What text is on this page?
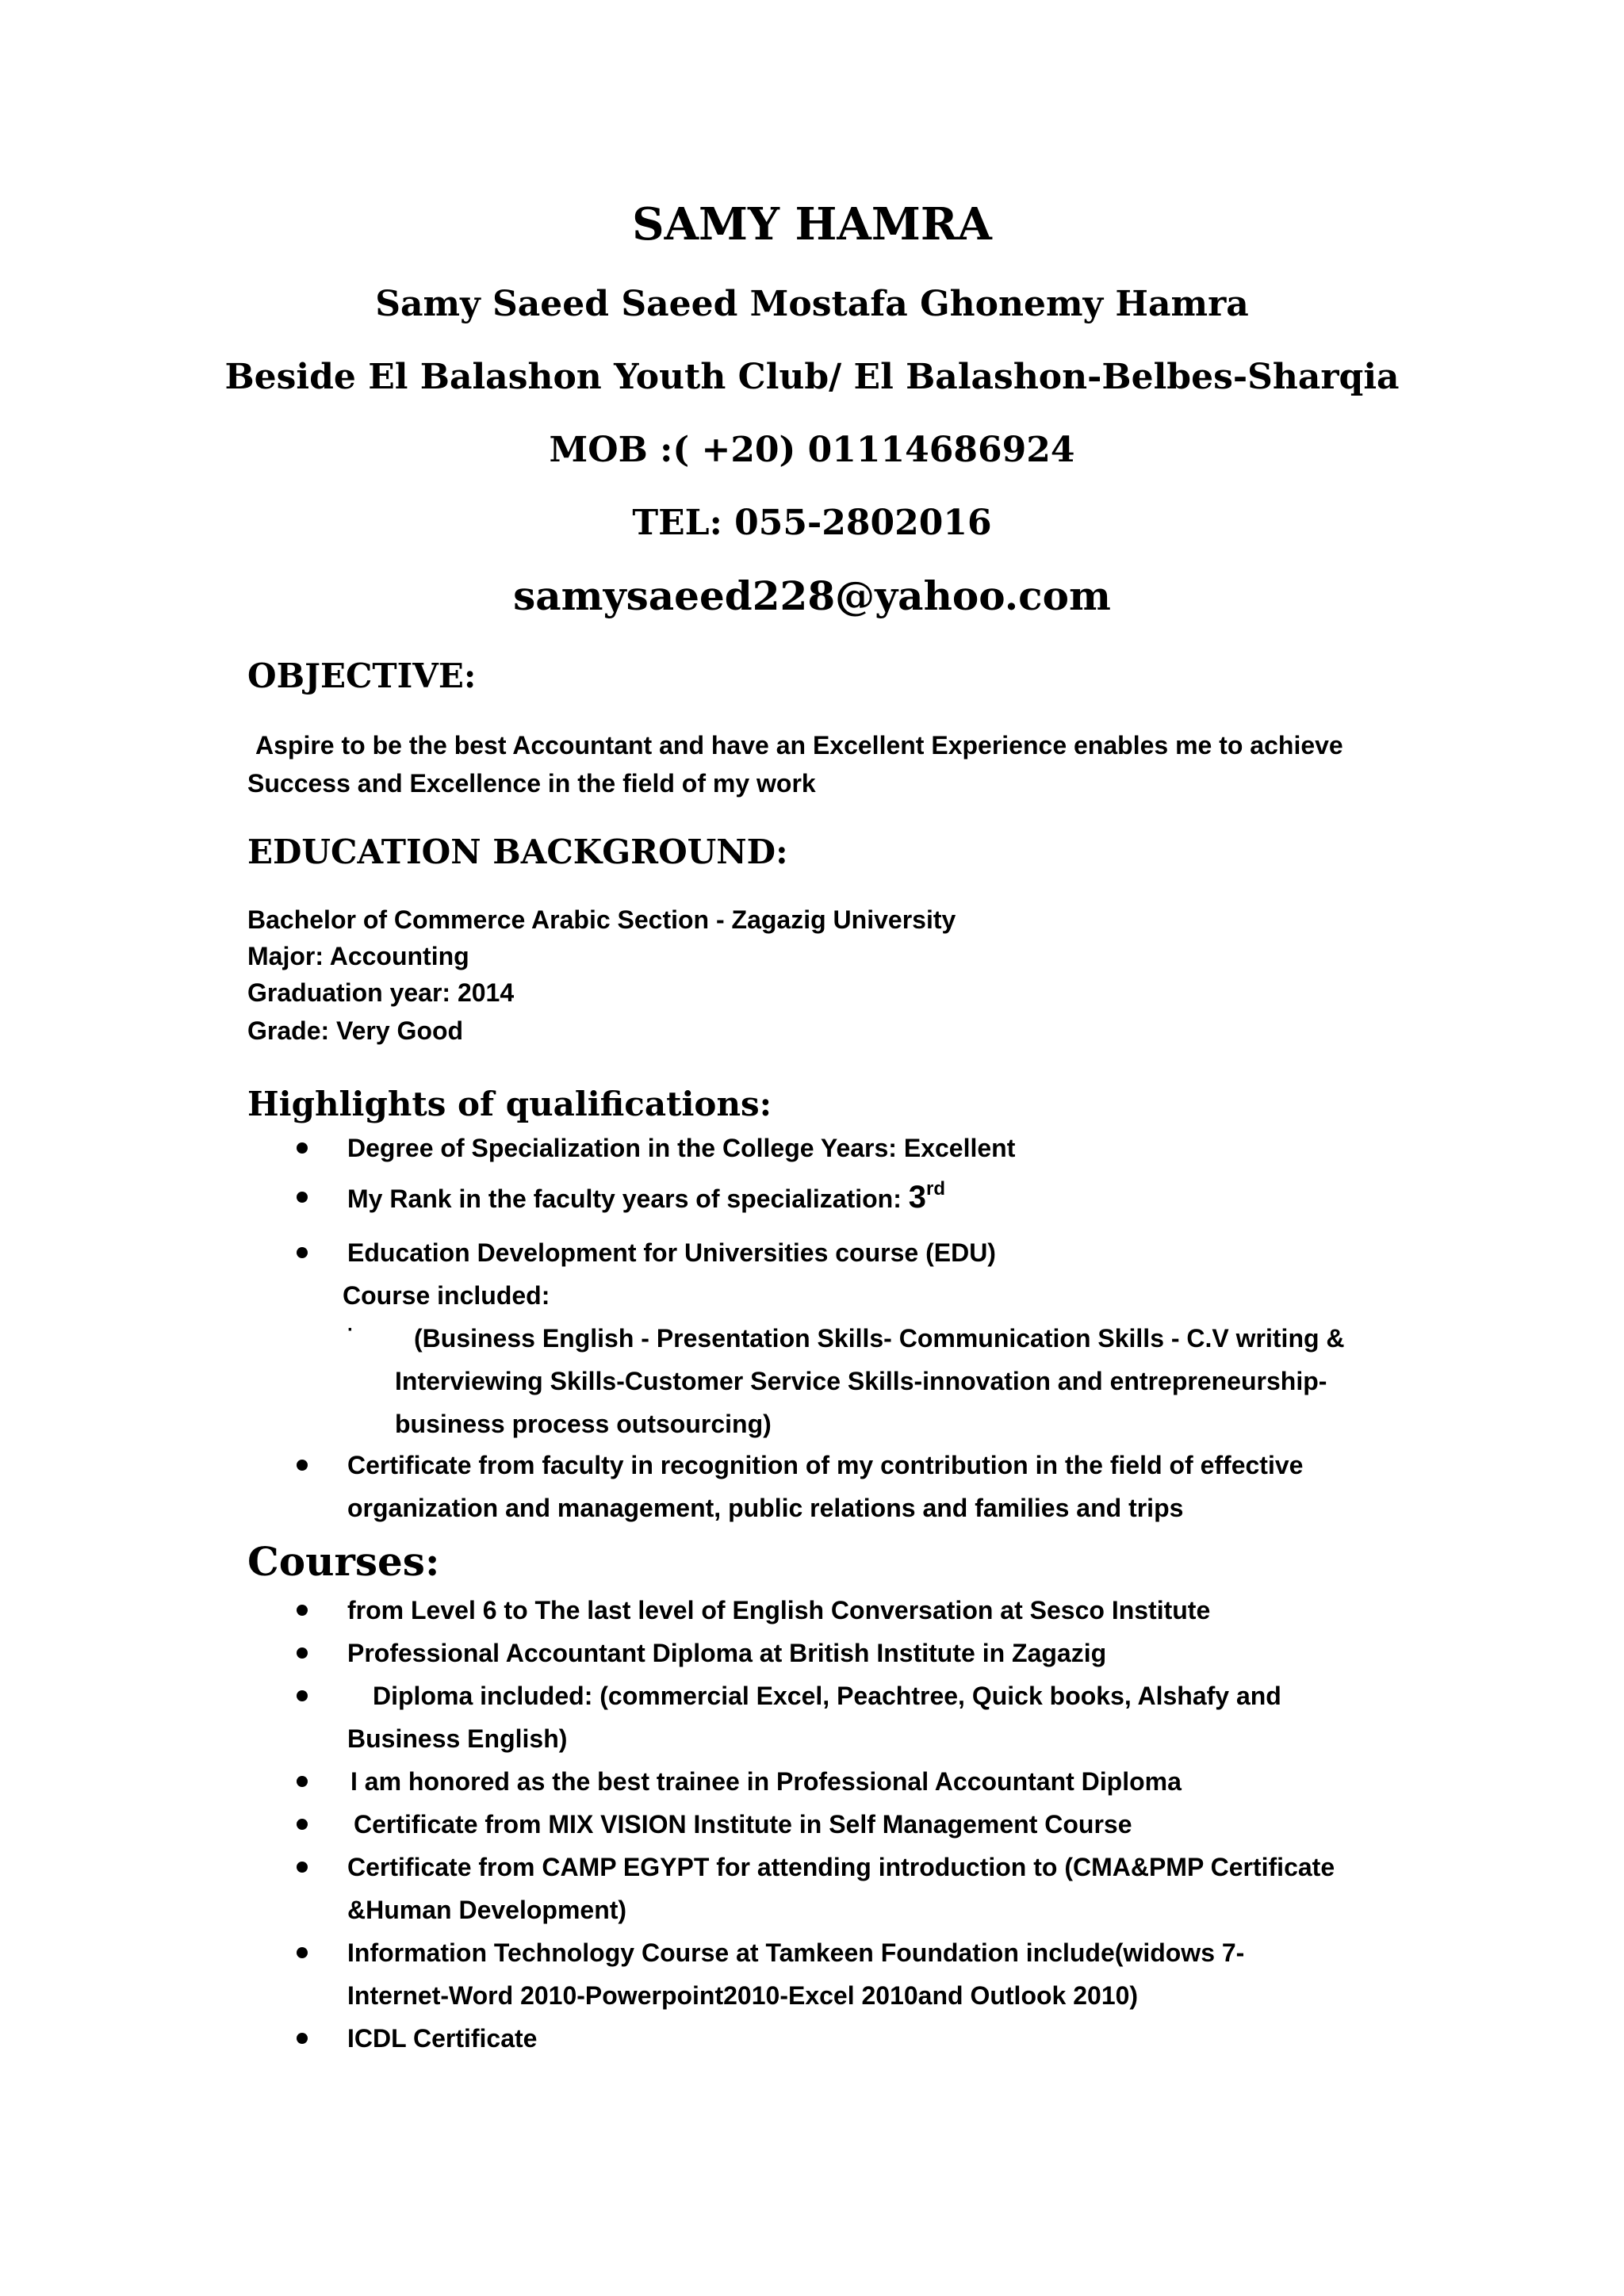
SAMY HAMRA
Samy Saeed Saeed Mostafa Ghonemy Hamra
Beside El Balashon Youth Club/ El Balashon-Belbes-Sharqia
MOB :( +20) 01114686924
TEL: 055-2802016
samysaeed228@yahoo.com
OBJECTIVE:
Aspire to be the best Accountant and have an Excellent Experience enables me to achieve
Success and Excellence in the field of my work
EDUCATION BACKGROUND:
Bachelor of Commerce Arabic Section - Zagazig University
Major: Accounting
Graduation year: 2014
Grade: Very Good
Highlights of qualifications:
Degree of Specialization in the College Years: Excellent
My Rank in the faculty years of specialization: 3rd
Education Development for Universities course (EDU)
Course included:
· (Business English - Presentation Skills- Communication Skills - C.V writing &
Interviewing Skills-Customer Service Skills-innovation and entrepreneurship-
business process outsourcing)
Certificate from faculty in recognition of my contribution in the field of effective
organization and management, public relations and families and trips
Courses:
from Level 6 to The last level of English Conversation at Sesco Institute
Professional Accountant Diploma at British Institute in Zagazig
Diploma included: (commercial Excel, Peachtree, Quick books, Alshafy and
Business English)
I am honored as the best trainee in Professional Accountant Diploma
Certificate from MIX VISION Institute in Self Management Course
Certificate from CAMP EGYPT for attending introduction to (CMA&PMP Certificate
&Human Development)
Information Technology Course at Tamkeen Foundation include(widows 7-
Internet-Word 2010-Powerpoint2010-Excel 2010and Outlook 2010)
ICDL Certificate
